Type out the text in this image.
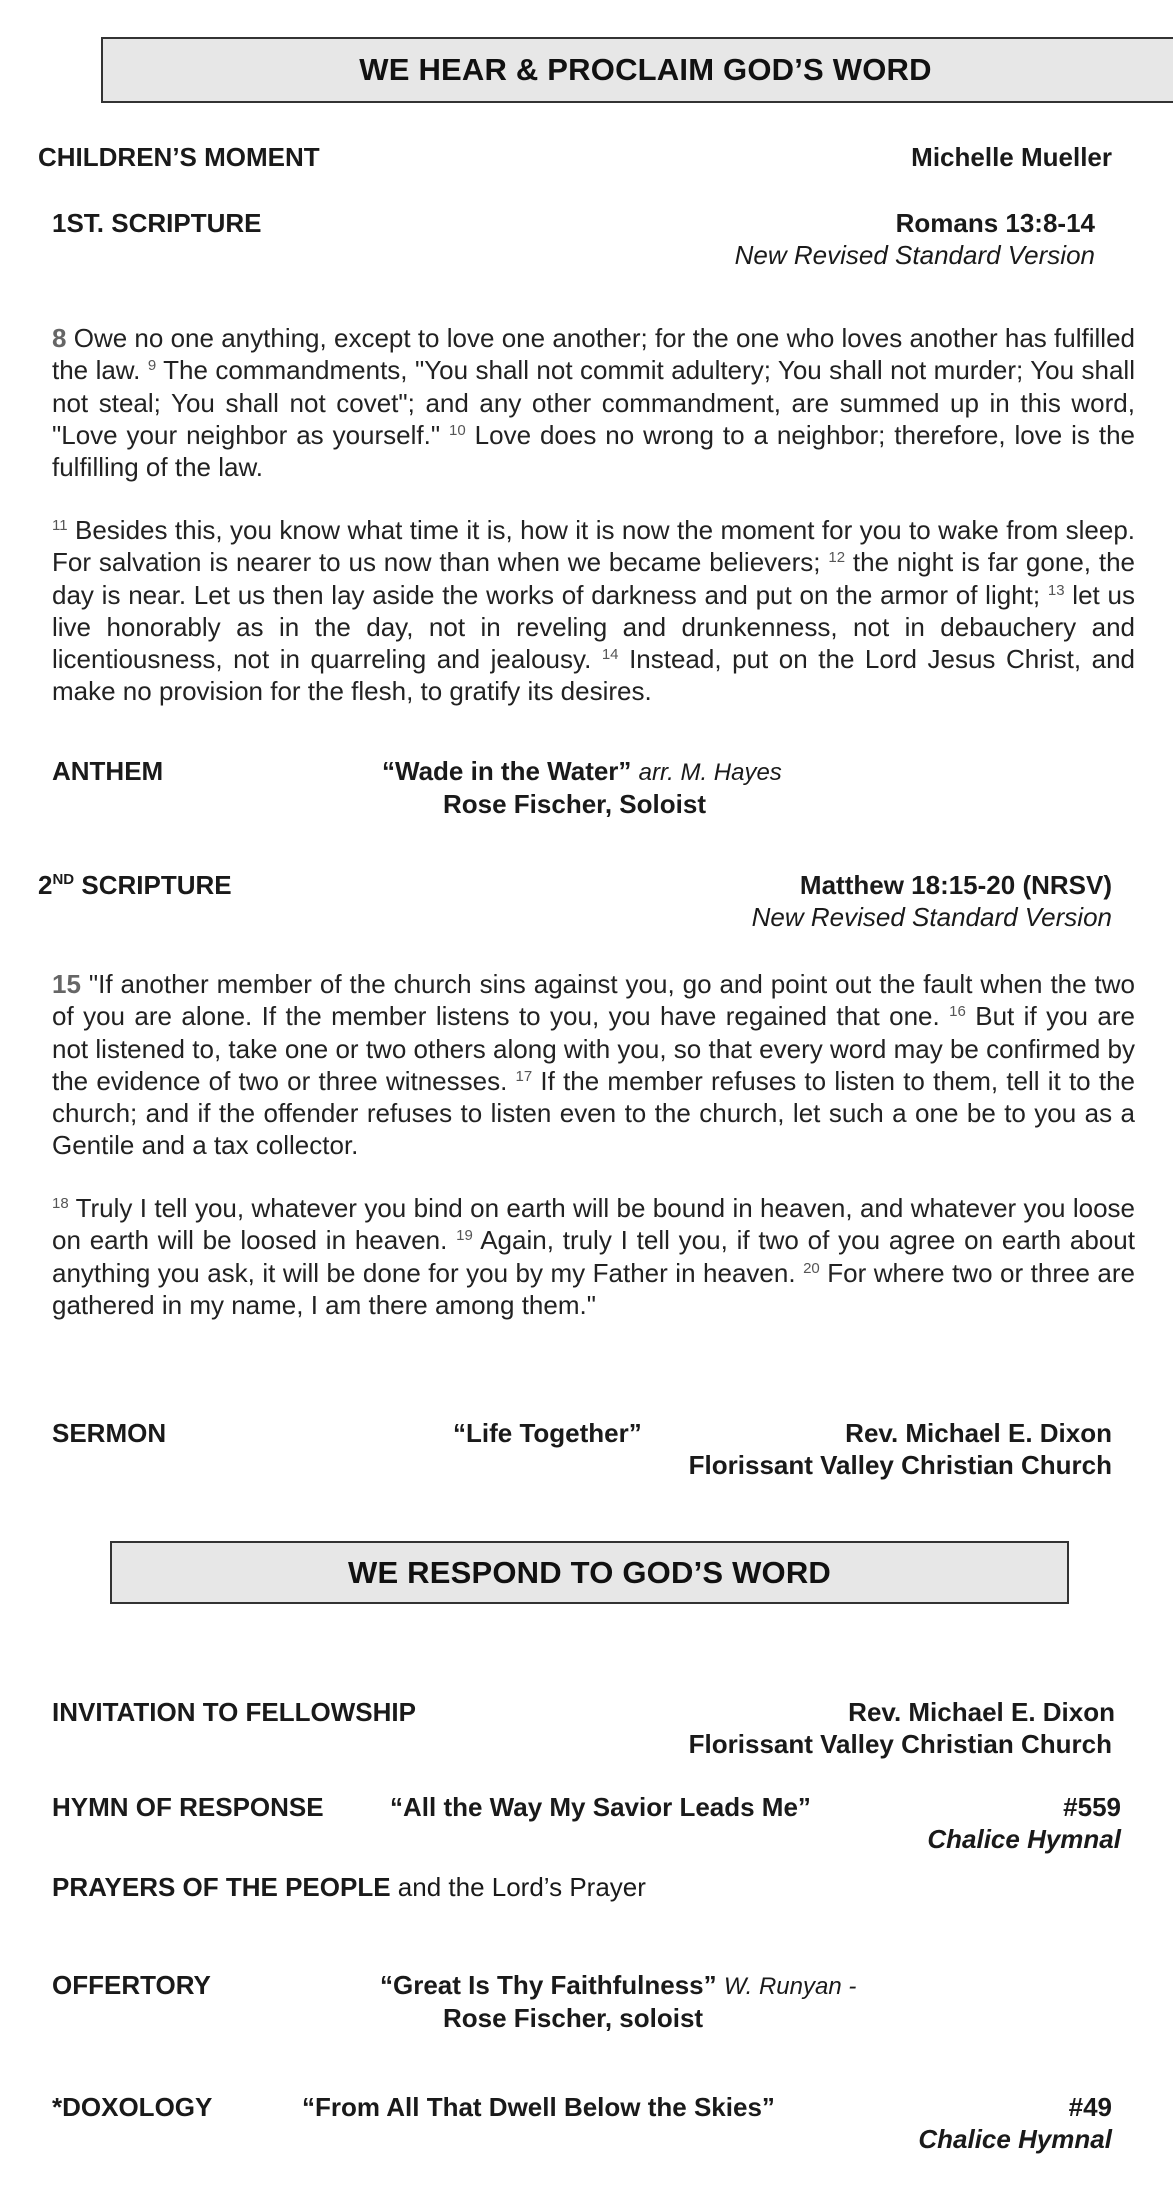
WE HEAR & PROCLAIM GOD’S WORD
CHILDREN’S MOMENT	Michelle Mueller
1ST. SCRIPTURE	Romans 13:8-14
New Revised Standard Version
8 Owe no one anything, except to love one another; for the one who loves another has fulfilled the law. $^9$ The commandments, "You shall not commit adultery; You shall not murder; You shall not steal; You shall not covet"; and any other commandment, are summed up in this word, "Love your neighbor as yourself." $^{10}$ Love does no wrong to a neighbor; therefore, love is the fulfilling of the law.
$^{11}$ Besides this, you know what time it is, how it is now the moment for you to wake from sleep. For salvation is nearer to us now than when we became believers; $^{12}$ the night is far gone, the day is near. Let us then lay aside the works of darkness and put on the armor of light; $^{13}$ let us live honorably as in the day, not in reveling and drunkenness, not in debauchery and licentiousness, not in quarreling and jealousy. $^{14}$ Instead, put on the Lord Jesus Christ, and make no provision for the flesh, to gratify its desires.
ANTHEM	“Wade in the Water” arr. M. Hayes
Rose Fischer, Soloist
2ND SCRIPTURE	Matthew 18:15-20 (NRSV)
New Revised Standard Version
15 "If another member of the church sins against you, go and point out the fault when the two of you are alone. If the member listens to you, you have regained that one. $^{16}$ But if you are not listened to, take one or two others along with you, so that every word may be confirmed by the evidence of two or three witnesses. $^{17}$ If the member refuses to listen to them, tell it to the church; and if the offender refuses to listen even to the church, let such a one be to you as a Gentile and a tax collector.
$^{18}$ Truly I tell you, whatever you bind on earth will be bound in heaven, and whatever you loose on earth will be loosed in heaven. $^{19}$ Again, truly I tell you, if two of you agree on earth about anything you ask, it will be done for you by my Father in heaven. $^{20}$ For where two or three are gathered in my name, I am there among them."
SERMON	“Life Together”	Rev. Michael E. Dixon
Florissant Valley Christian Church
WE RESPOND TO GOD’S WORD
INVITATION TO FELLOWSHIP	Rev. Michael E. Dixon
Florissant Valley Christian Church
HYMN OF RESPONSE	“All the Way My Savior Leads Me”	#559
Chalice Hymnal
PRAYERS OF THE PEOPLE and the Lord’s Prayer
OFFERTORY	“Great Is Thy Faithfulness” W. Runyan -
Rose Fischer, soloist
*DOXOLOGY	“From All That Dwell Below the Skies”	#49
Chalice Hymnal
